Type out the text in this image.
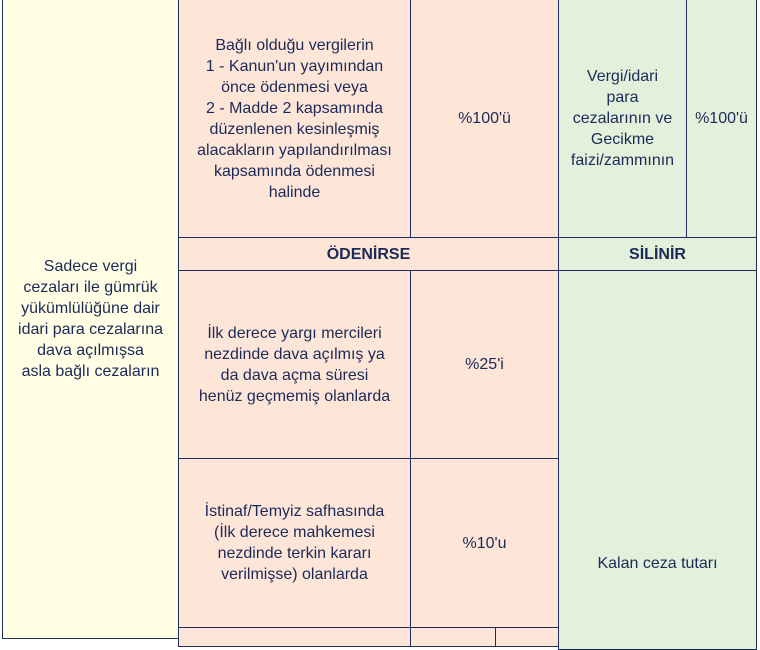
Sadece vergi
cezaları ile gümrük
yükümlülüğüne dair
idari para cezalarına
dava açılmışsa
asla bağlı cezaların
Bağlı olduğu vergilerin
1 - Kanun'un yayımından
önce ödenmesi veya
2 - Madde 2 kapsamında
düzenlenen kesinleşmiş
alacakların yapılandırılması
kapsamında ödenmesi
halinde
%100'ü
Vergi/idari
para
cezalarının ve
Gecikme
faizi/zammının
%100'ü
ÖDENİRSE	SİLİNİR
İlk derece yargı mercileri
nezdinde dava açılmış ya
da dava açma süresi
henüz geçmemiş olanlarda
%25'i
İstinaf/Temyiz safhasında
(İlk derece mahkemesi
nezdinde terkin kararı
verilmişse) olanlarda
%10'u
Kalan ceza tutarı
